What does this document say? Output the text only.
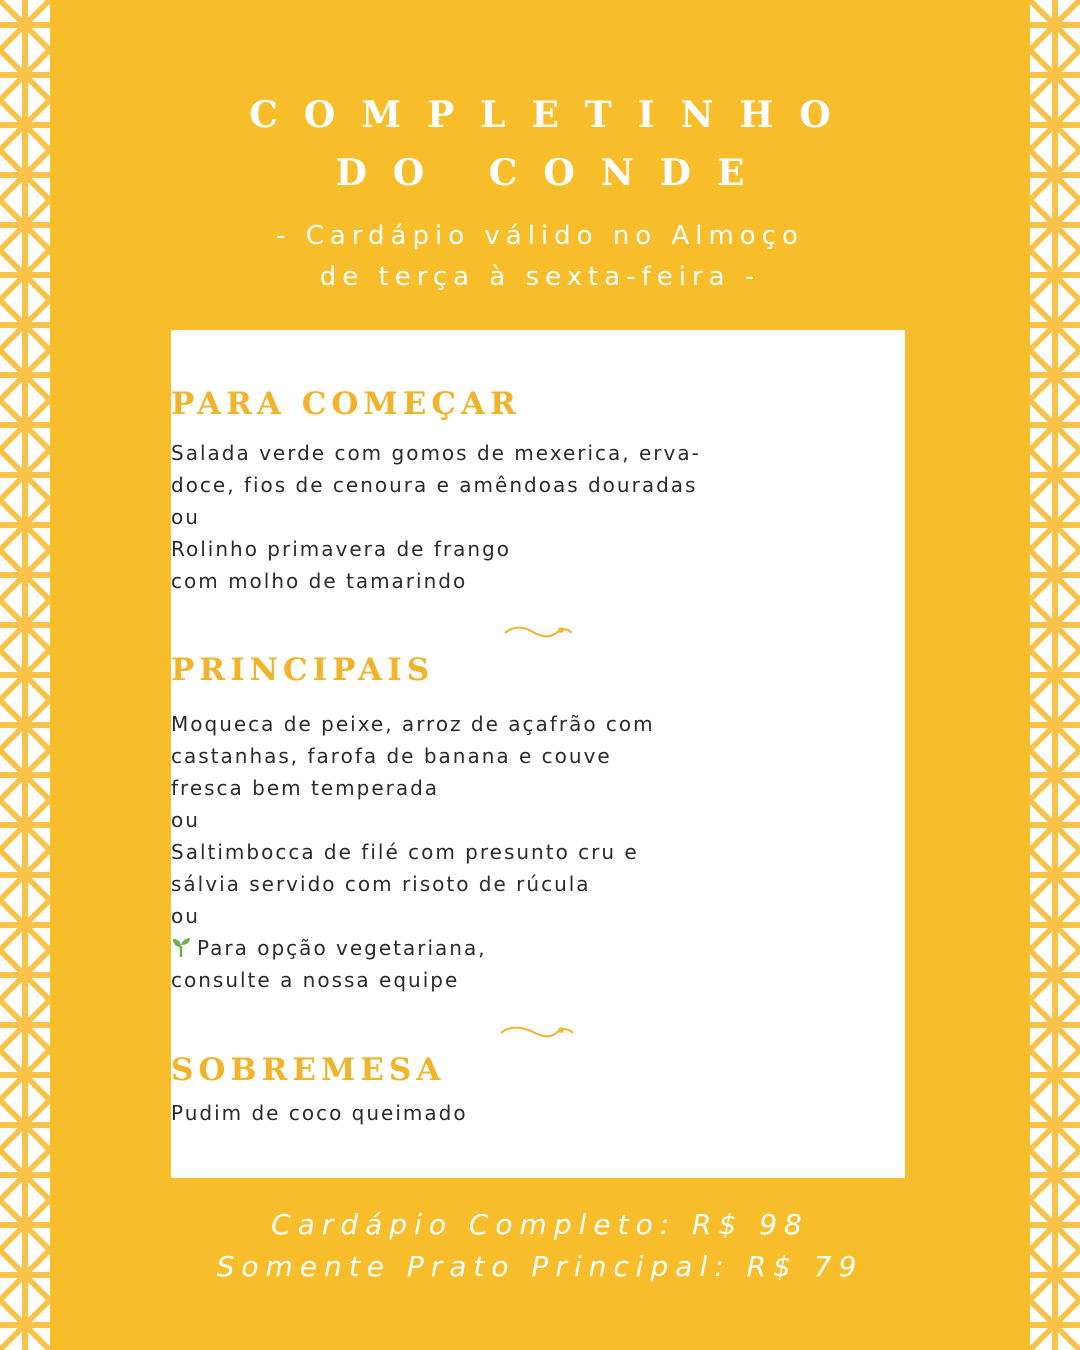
COMPLETINHO
DO CONDE
- Cardápio válido no Almoço
de terça à sexta-feira -
PARA COMEÇAR
Salada verde com gomos de mexerica, erva-
doce, fios de cenoura e amêndoas douradas
ou
Rolinho primavera de frango
com molho de tamarindo
PRINCIPAIS
Moqueca de peixe, arroz de açafrão com
castanhas, farofa de banana e couve
fresca bem temperada
ou
Saltimbocca de filé com presunto cru e
sálvia servido com risoto de rúcula
ou
Para opção vegetariana,
consulte a nossa equipe
SOBREMESA
Pudim de coco queimado
Cardápio Completo: R$ 98
Somente Prato Principal: R$ 79
